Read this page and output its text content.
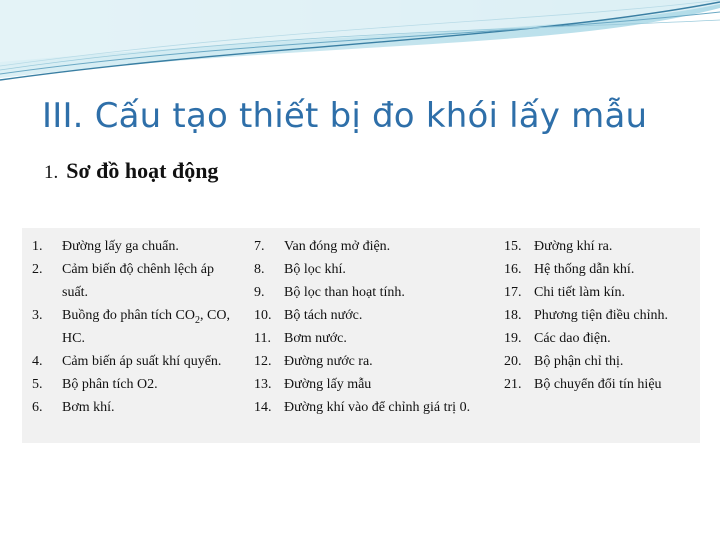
III. Cấu tạo thiết bị đo khói lấy mẫu
1. Sơ đồ hoạt động
1.	Đường lấy ga chuẩn.
2.	Cảm biến độ chênh lệch áp suất.
3.	Buồng đo phân tích $CO_2$, CO, HC.
4.	Cảm biến áp suất khí quyển.
5.	Bộ phân tích O2.
6.	Bơm khí.
7.	Van đóng mở điện.
8.	Bộ lọc khí.
9.	Bộ lọc than hoạt tính.
10. Bộ tách nước.
11. Bơm nước.
12. Đường nước ra.
13. Đường lấy mẫu
14. Đường khí vào để chỉnh giá trị 0.
15. Đường khí ra.
16. Hệ thống dẫn khí.
17. Chi tiết làm kín.
18. Phương tiện điều chỉnh.
19. Các dao điện.
20. Bộ phận chỉ thị.
21. Bộ chuyển đổi tín hiệu
